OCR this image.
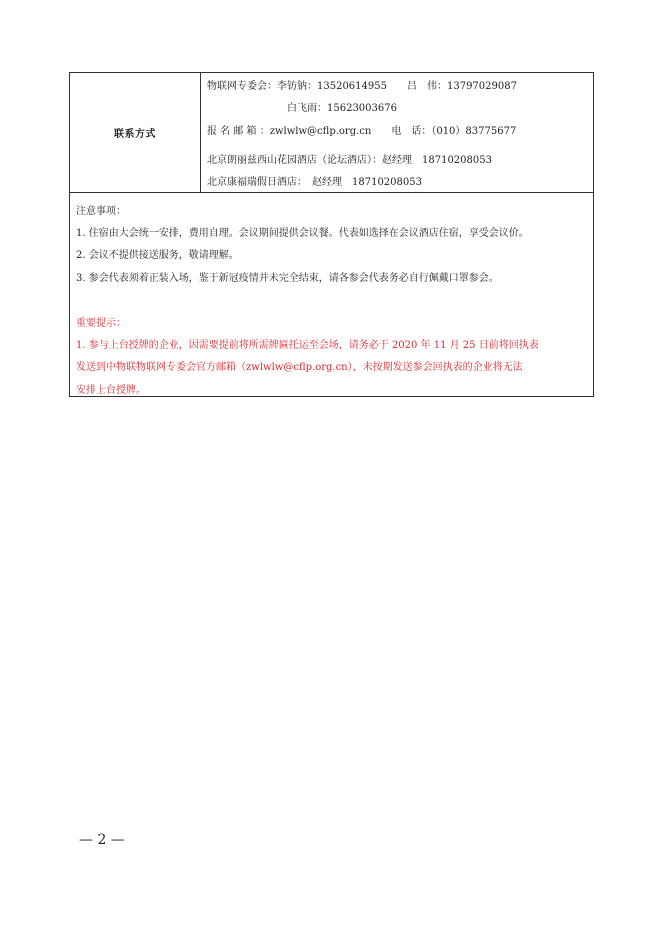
联系方式
物联网专委会：李钫钠：13520614955　　吕　伟：13797029087
白飞雨：15623003676
报 名 邮 箱 ：zwlwlw@cflp.org.cn　　电　话：（010）83775677
北京朗丽兹西山花园酒店（论坛酒店）：赵经理　18710208053
北京康福瑞假日酒店：　赵经理　18710208053
注意事项：
1. 住宿由大会统一安排，费用自理。会议期间提供会议餐。代表如选择在会议酒店住宿，享受会议价。
2. 会议不提供接送服务，敬请理解。
3. 参会代表须着正装入场，鉴于新冠疫情并未完全结束，请各参会代表务必自行佩戴口罩参会。
重要提示：
1. 参与上台授牌的企业，因需要提前将所需牌匾托运至会场，请务必于 2020 年 11 月 25 日前将回执表
发送到中物联物联网专委会官方邮箱（zwlwlw@cflp.org.cn），未按期发送参会回执表的企业将无法
安排上台授牌。
— 2 —
